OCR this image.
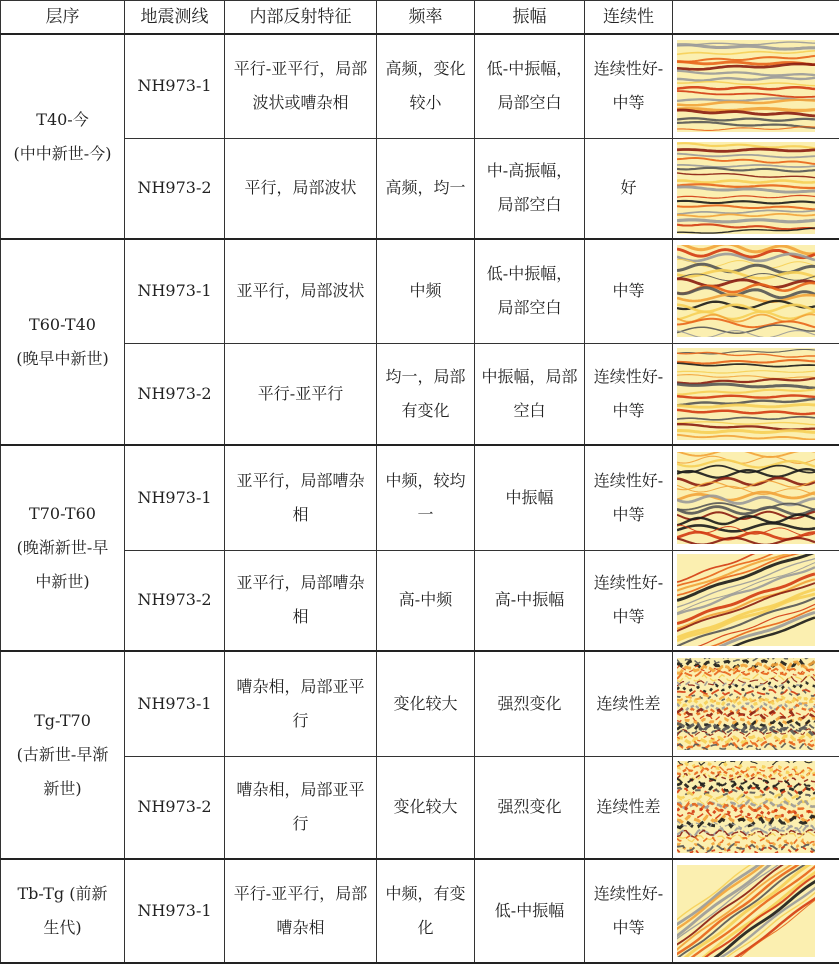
层序	地震测线	内部反射特征	频率	振幅	连续性	

T40-今
(中中新世-今)	NH973-1	平行-亚平行，局部波状或嘈杂相	高频，变化较小	低-中振幅，局部空白	连续性好-中等	

	NH973-2	平行，局部波状	高频，均一	中-高振幅，局部空白	好	

T60-T40
(晚早中新世)	NH973-1	亚平行，局部波状	中频	低-中振幅，局部空白	中等	

	NH973-2	平行-亚平行	均一，局部有变化	中振幅，局部空白	连续性好-中等	

T70-T60
(晚渐新世-早
中新世)	NH973-1	亚平行，局部嘈杂相	中频，较均一	中振幅	连续性好-中等	

	NH973-2	亚平行，局部嘈杂相	高-中频	高-中振幅	连续性好-中等	

Tg-T70
(古新世-早渐
新世)	NH973-1	嘈杂相，局部亚平行	变化较大	强烈变化	连续性差	

	NH973-2	嘈杂相，局部亚平行	变化较大	强烈变化	连续性差	

Tb-Tg (前新
生代)	NH973-1	平行-亚平行，局部嘈杂相	中频，有变化	低-中振幅	连续性好-中等	
